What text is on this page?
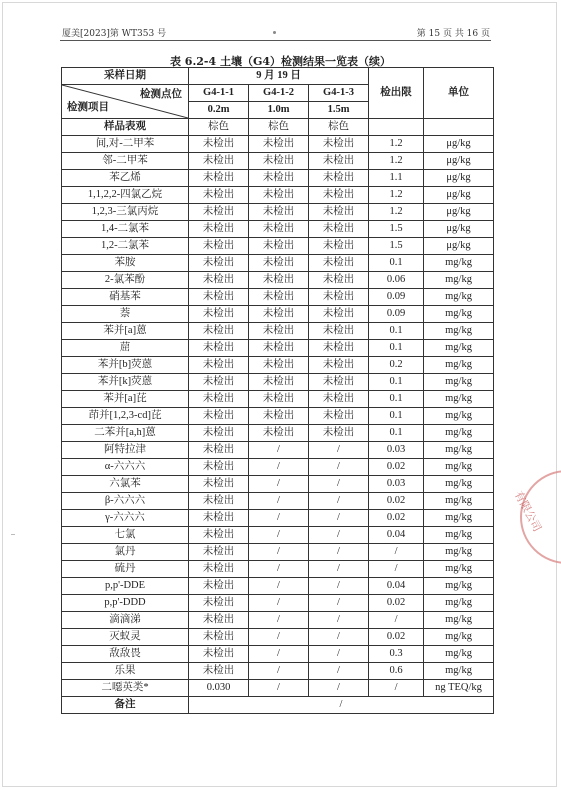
厦美[2023]第 WT353 号	第 15 页 共 16 页
表 6.2-4 土壤（G4）检测结果一览表（续）
采样日期	9 月 19 日			检出限	单位

检测点位
检测项目	G4-1-1	G4-1-2	G4-1-3		
	0.2m	1.0m	1.5m		
样品表观	棕色	棕色	棕色		
间,对-二甲苯	未检出	未检出	未检出	1.2	μg/kg
邻-二甲苯	未检出	未检出	未检出	1.2	μg/kg
苯乙烯	未检出	未检出	未检出	1.1	μg/kg
1,1,2,2-四氯乙烷	未检出	未检出	未检出	1.2	μg/kg
1,2,3-三氯丙烷	未检出	未检出	未检出	1.2	μg/kg
1,4-二氯苯	未检出	未检出	未检出	1.5	μg/kg
1,2-二氯苯	未检出	未检出	未检出	1.5	μg/kg
苯胺	未检出	未检出	未检出	0.1	mg/kg
2-氯苯酚	未检出	未检出	未检出	0.06	mg/kg
硝基苯	未检出	未检出	未检出	0.09	mg/kg
萘	未检出	未检出	未检出	0.09	mg/kg
苯并[a]蒽	未检出	未检出	未检出	0.1	mg/kg
䓛	未检出	未检出	未检出	0.1	mg/kg
苯并[b]荧蒽	未检出	未检出	未检出	0.2	mg/kg
苯并[k]荧蒽	未检出	未检出	未检出	0.1	mg/kg
苯并[a]芘	未检出	未检出	未检出	0.1	mg/kg
茚并[1,2,3-cd]芘	未检出	未检出	未检出	0.1	mg/kg
二苯并[a,h]蒽	未检出	未检出	未检出	0.1	mg/kg
阿特拉津	未检出	/	/	0.03	mg/kg
α-六六六	未检出	/	/	0.02	mg/kg
六氯苯	未检出	/	/	0.03	mg/kg
β-六六六	未检出	/	/	0.02	mg/kg
γ-六六六	未检出	/	/	0.02	mg/kg
七氯	未检出	/	/	0.04	mg/kg
氯丹	未检出	/	/	/	mg/kg
硫丹	未检出	/	/	/	mg/kg
p,p'-DDE	未检出	/	/	0.04	mg/kg
p,p'-DDD	未检出	/	/	0.02	mg/kg
滴滴涕	未检出	/	/	/	mg/kg
灭蚁灵	未检出	/	/	0.02	mg/kg
敌敌畏	未检出	/	/	0.3	mg/kg
乐果	未检出	/	/	0.6	mg/kg
二噁英类*	0.030	/	/	/	ng TEQ/kg
备注	/				
有限公司
